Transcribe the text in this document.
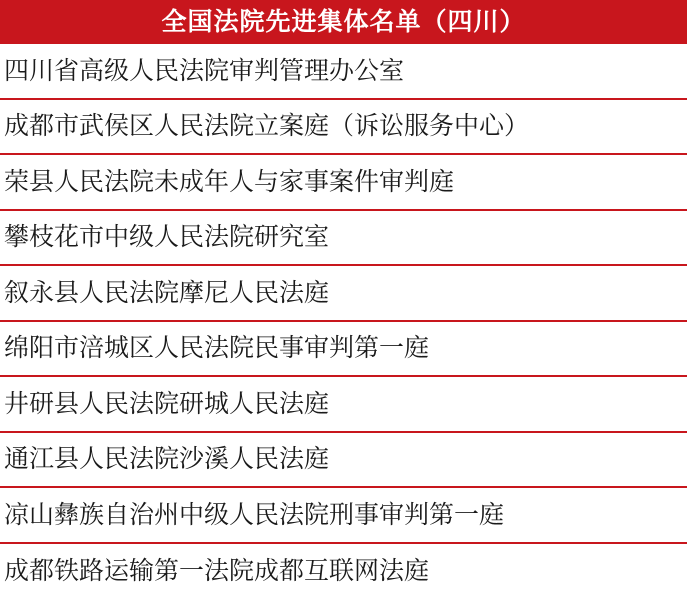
全国法院先进集体名单（四川）
四川省高级人民法院审判管理办公室
成都市武侯区人民法院立案庭（诉讼服务中心）
荣县人民法院未成年人与家事案件审判庭
攀枝花市中级人民法院研究室
叙永县人民法院摩尼人民法庭
绵阳市涪城区人民法院民事审判第一庭
井研县人民法院研城人民法庭
通江县人民法院沙溪人民法庭
凉山彝族自治州中级人民法院刑事审判第一庭
成都铁路运输第一法院成都互联网法庭
